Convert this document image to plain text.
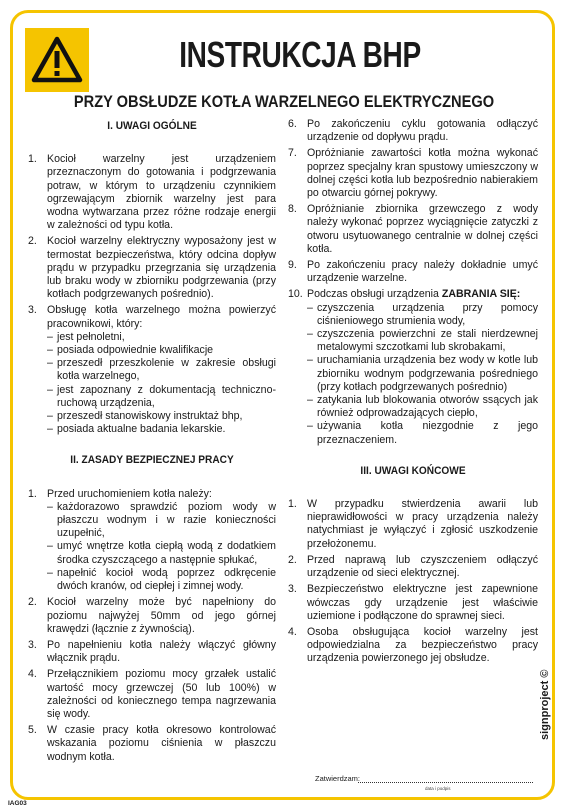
INSTRUKCJA BHP
PRZY OBSŁUDZE KOTŁA WARZELNEGO ELEKTRYCZNEGO
I. UWAGI OGÓLNE
1. Kocioł warzelny jest urządzeniem przeznaczonym do gotowania i podgrzewania potraw, w którym to urządzeniu czynnikiem ogrzewającym zbiornik warzelny jest para wodna wytwarzana przez różne rodzaje energii w zależności od typu kotła.
2. Kocioł warzelny elektryczny wyposażony jest w termostat bezpieczeństwa, który odcina dopływ prądu w przypadku przegrzania się urządzenia lub braku wody w zbiorniku podgrzewania (przy kotłach podgrzewanych pośrednio).
3. Obsługę kotła warzelnego można powierzyć pracownikowi, który:
– jest pełnoletni,
– posiada odpowiednie kwalifikacje
– przeszedł przeszkolenie w zakresie obsługi kotła warzelnego,
– jest zapoznany z dokumentacją techniczno-ruchową urządzenia,
– przeszedł stanowiskowy instruktaż bhp,
– posiada aktualne badania lekarskie.
II. ZASADY BEZPIECZNEJ PRACY
1. Przed uruchomieniem kotła należy:
– każdorazowo sprawdzić poziom wody w płaszczu wodnym i w razie konieczności uzupełnić,
– umyć wnętrze kotła ciepłą wodą z dodatkiem środka czyszczącego a następnie spłukać,
– napełnić kocioł wodą poprzez odkręcenie dwóch kranów, od ciepłej i zimnej wody.
2. Kocioł warzelny może być napełniony do poziomu najwyżej 50mm od jego górnej krawędzi (łącznie z żywnością).
3. Po napełnieniu kotła należy włączyć główny włącznik prądu.
4. Przełącznikiem poziomu mocy grzałek ustalić wartość mocy grzewczej (50 lub 100%) w zależności od koniecznego tempa nagrzewania się wody.
5. W czasie pracy kotła okresowo kontrolować wskazania poziomu ciśnienia w płaszczu wodnym kotła.
6. Po zakończeniu cyklu gotowania odłączyć urządzenie od dopływu prądu.
7. Opróżnianie zawartości kotła można wykonać poprzez specjalny kran spustowy umieszczony w dolnej części kotła lub bezpośrednio nabierakiem po otwarciu górnej pokrywy.
8. Opróżnianie zbiornika grzewczego z wody należy wykonać poprzez wyciągnięcie zatyczki z otworu usytuowanego centralnie w dolnej części kotła.
9. Po zakończeniu pracy należy dokładnie umyć urządzenie warzelne.
10. Podczas obsługi urządzenia ZABRANIA SIĘ:
– czyszczenia urządzenia przy pomocy ciśnieniowego strumienia wody,
– czyszczenia powierzchni ze stali nierdzewnej metalowymi szczotkami lub skrobakami,
– uruchamiania urządzenia bez wody w kotle lub zbiorniku wodnym podgrzewania pośredniego (przy kotłach podgrzewanych pośrednio)
– zatykania lub blokowania otworów ssących jak również odprowadzających ciepło,
– używania kotła niezgodnie z jego przeznaczeniem.
III. UWAGI KOŃCOWE
1. W przypadku stwierdzenia awarii lub nieprawidłowości w pracy urządzenia należy natychmiast je wyłączyć i zgłosić uszkodzenie przełożonemu.
2. Przed naprawą lub czyszczeniem odłączyć urządzenie od sieci elektrycznej.
3. Bezpieczeństwo elektryczne jest zapewnione wówczas gdy urządzenie jest właściwie uziemione i podłączone do sprawnej sieci.
4. Osoba obsługująca kocioł warzelny jest odpowiedzialna za bezpieczeństwo pracy urządzenia powierzonego jej obsłudze.
Zatwierdzam:
data i podpis
IAG03
signproject ©
